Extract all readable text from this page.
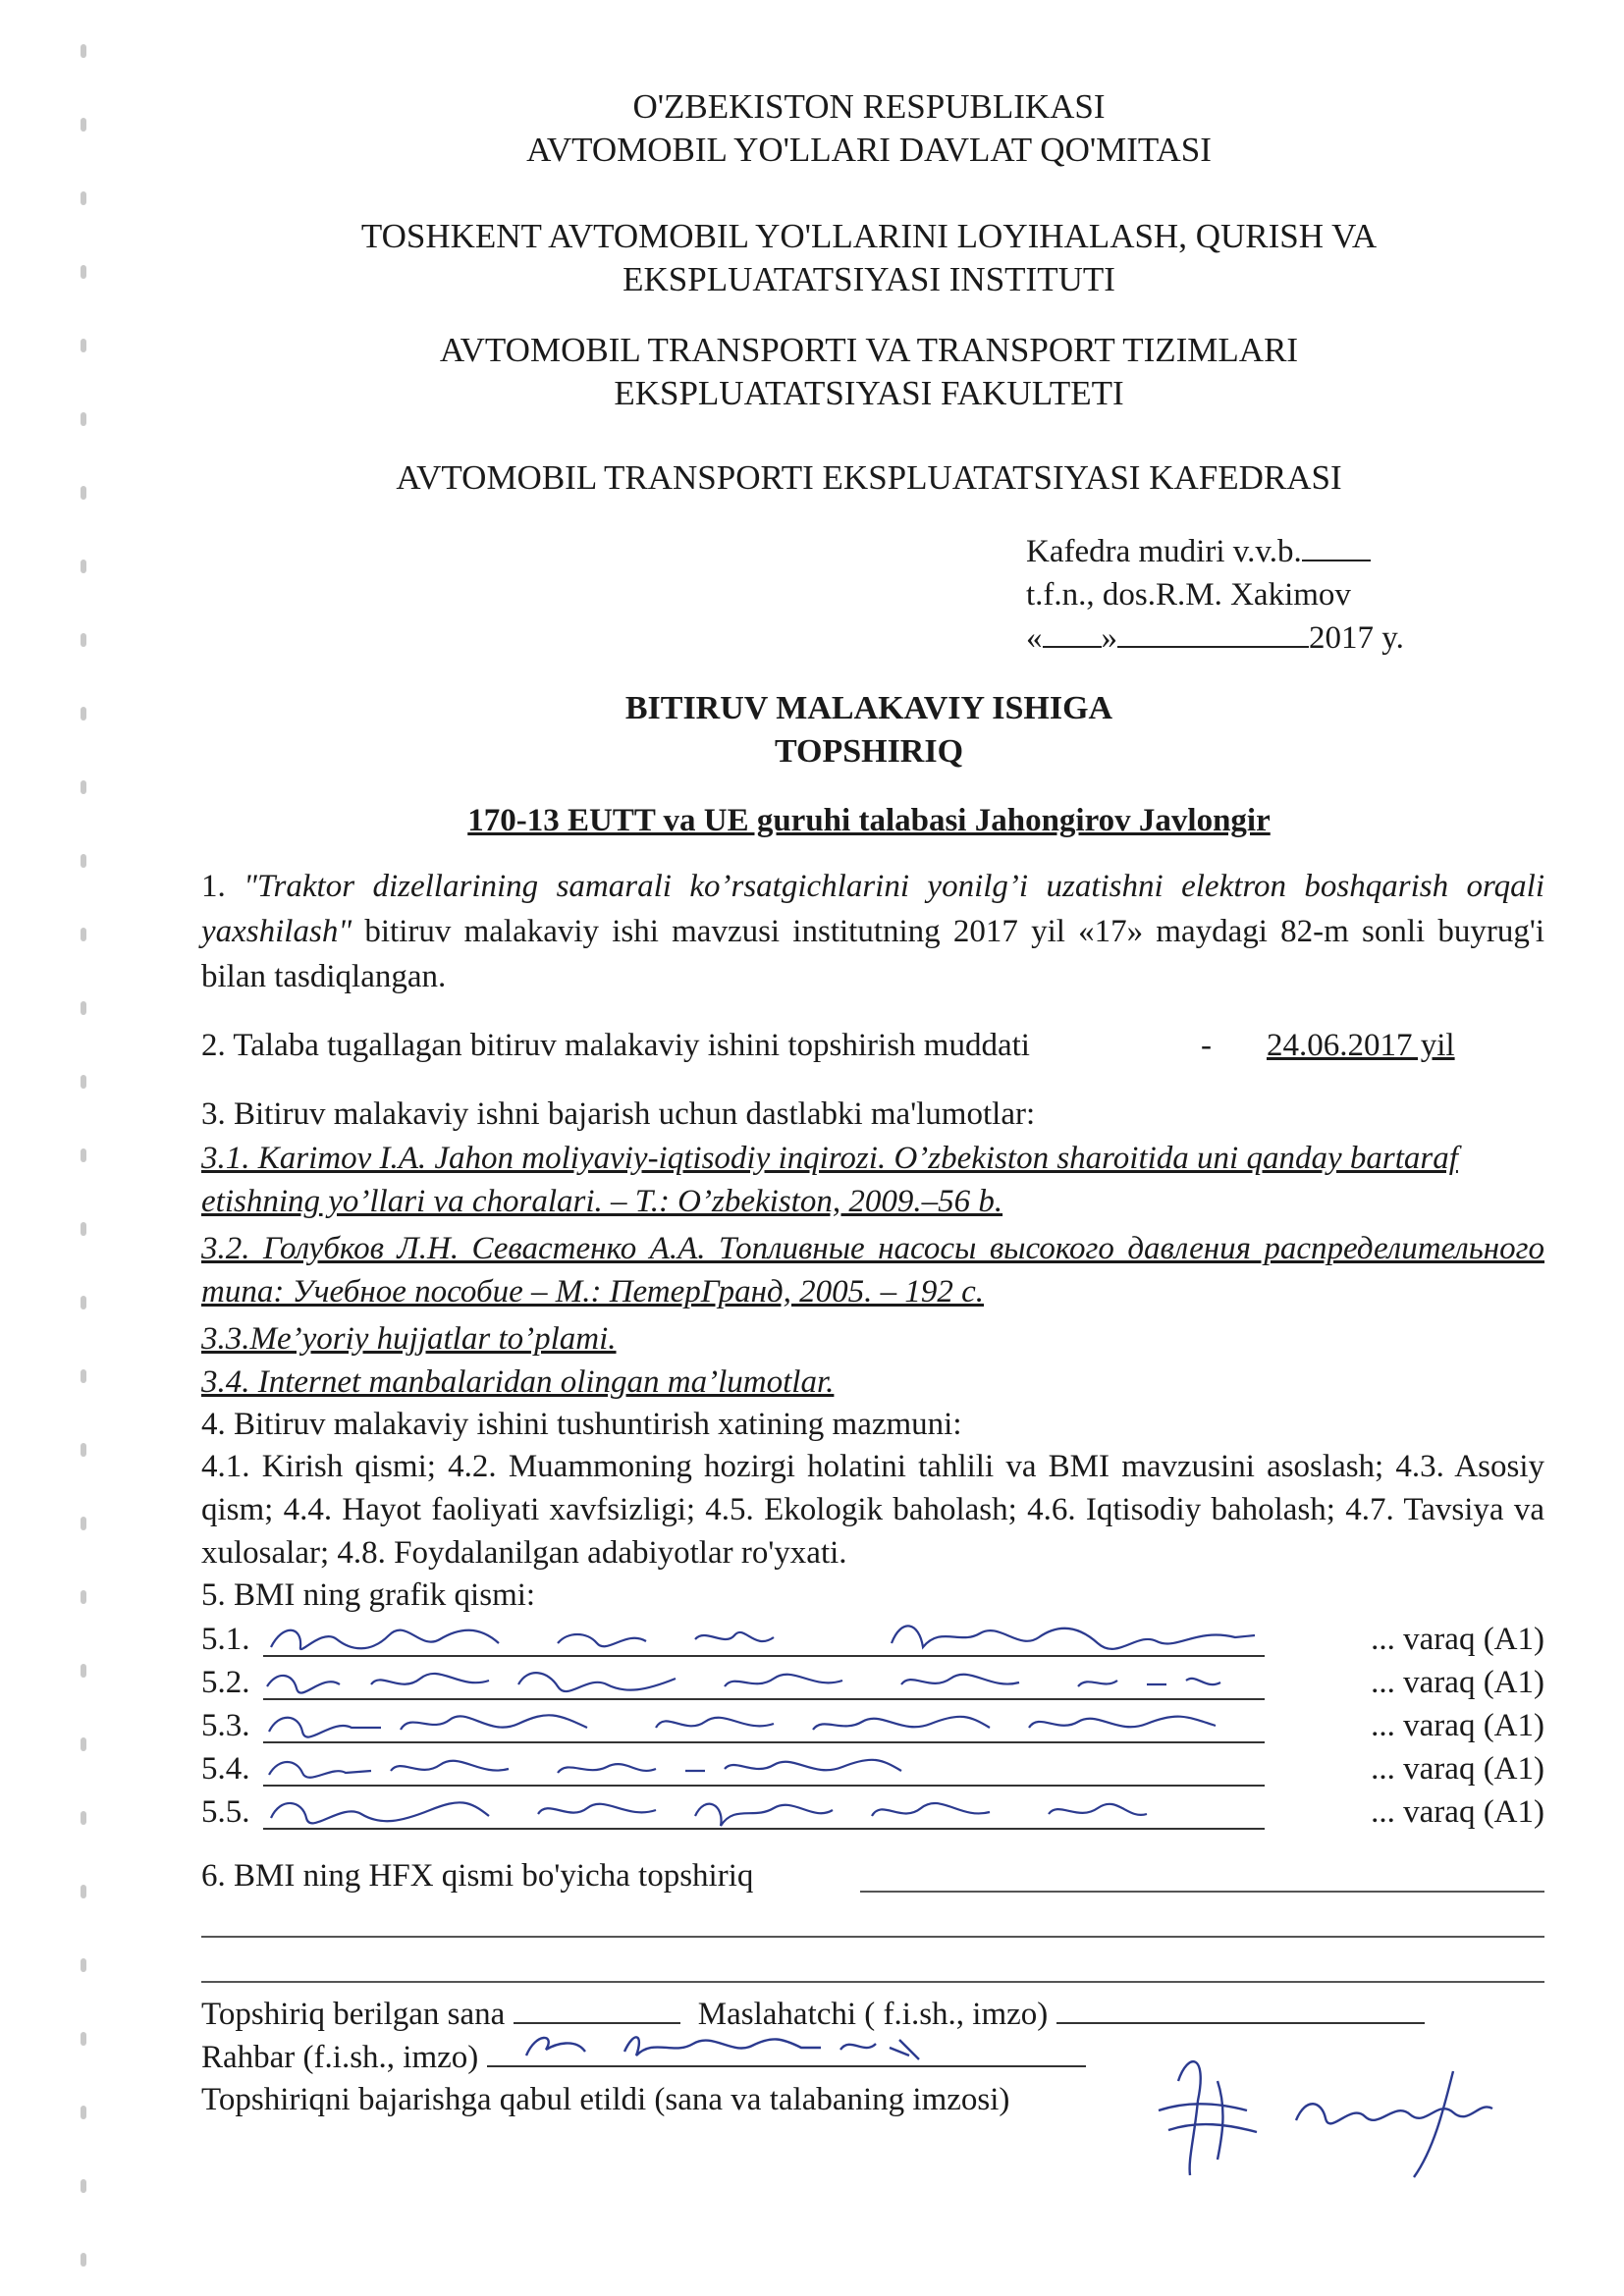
O'ZBEKISTON RESPUBLIKASI
AVTOMOBIL YO'LLARI DAVLAT QO'MITASI
TOSHKENT AVTOMOBIL YO'LLARINI LOYIHALASH, QURISH VA
EKSPLUATATSIYASI INSTITUTI
AVTOMOBIL TRANSPORTI VA TRANSPORT TIZIMLARI
EKSPLUATATSIYASI FAKULTETI
AVTOMOBIL TRANSPORTI EKSPLUATATSIYASI KAFEDRASI
Kafedra mudiri v.v.b.
t.f.n., dos.R.M. Xakimov
« »	2017 y.
BITIRUV MALAKAVIY ISHIGA
TOPSHIRIQ
170-13 EUTT va UE guruhi talabasi Jahongirov Javlongir
1. "Traktor dizellarining samarali ko’rsatgichlarini yonilg’i uzatishni elektron boshqarish orqali yaxshilash" bitiruv malakaviy ishi mavzusi institutning 2017 yil «17» maydagi 82-m sonli buyrug'i bilan tasdiqlangan.
2. Talaba tugallagan bitiruv malakaviy ishini topshirish muddati	- 24.06.2017 yil
3. Bitiruv malakaviy ishni bajarish uchun dastlabki ma'lumotlar:
3.1. Karimov I.A. Jahon moliyaviy-iqtisodiy inqirozi. O’zbekiston sharoitida uni qanday bartaraf etishning yo’llari va choralari. – T.: O’zbekiston, 2009.–56 b.
3.2. Голубков Л.Н. Севастенко А.А. Топливные насосы высокого давления распределительного типа: Учебное пособие – М.: ПетерГранд, 2005. – 192 с.
3.3.Me’yoriy hujjatlar to’plami.
3.4. Internet manbalaridan olingan ma’lumotlar.
4. Bitiruv malakaviy ishini tushuntirish xatining mazmuni:
4.1. Kirish qismi; 4.2. Muammoning hozirgi holatini tahlili va BMI mavzusini asoslash; 4.3. Asosiy qism; 4.4. Hayot faoliyati xavfsizligi; 4.5. Ekologik baholash; 4.6. Iqtisodiy baholash; 4.7. Tavsiya va xulosalar; 4.8. Foydalanilgan adabiyotlar ro'yxati.
5. BMI ning grafik qismi:
5.1.	... varaq (A1)
5.2.	... varaq (A1)
5.3.	... varaq (A1)
5.4.	... varaq (A1)
5.5.	... varaq (A1)
6. BMI ning HFX qismi bo'yicha topshiriq
Topshiriq berilgan sana	Maslahatchi ( f.i.sh., imzo)
Rahbar (f.i.sh., imzo)
Topshiriqni bajarishga qabul etildi (sana va talabaning imzosi)
